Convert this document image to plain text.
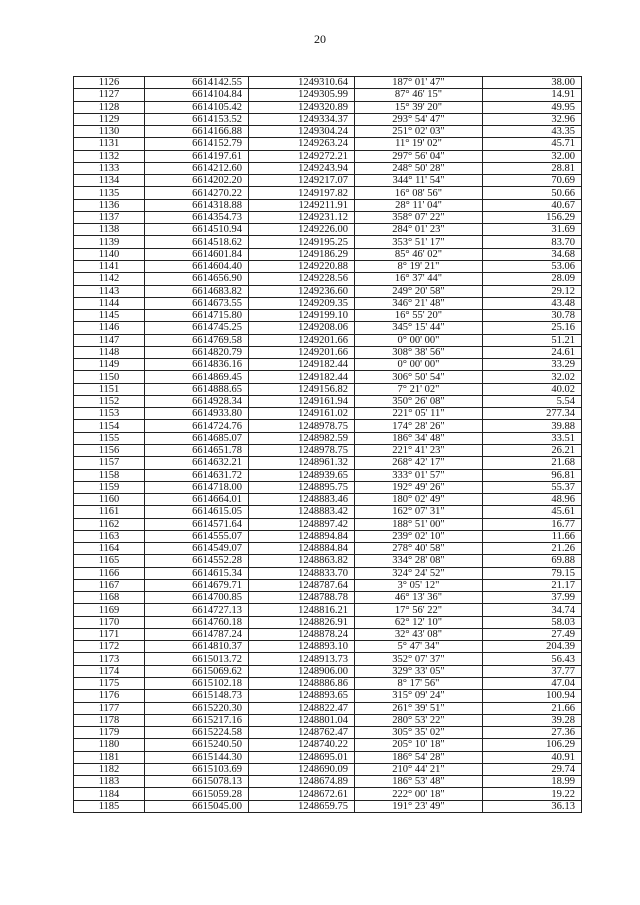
20
1126	6614142.55	1249310.64	187° 01' 47"	38.00
1127	6614104.84	1249305.99	87° 46' 15"	14.91
1128	6614105.42	1249320.89	15° 39' 20"	49.95
1129	6614153.52	1249334.37	293° 54' 47"	32.96
1130	6614166.88	1249304.24	251° 02' 03"	43.35
1131	6614152.79	1249263.24	11° 19' 02"	45.71
1132	6614197.61	1249272.21	297° 56' 04"	32.00
1133	6614212.60	1249243.94	248° 50' 28"	28.81
1134	6614202.20	1249217.07	344° 11' 54"	70.69
1135	6614270.22	1249197.82	16° 08' 56"	50.66
1136	6614318.88	1249211.91	28° 11' 04"	40.67
1137	6614354.73	1249231.12	358° 07' 22"	156.29
1138	6614510.94	1249226.00	284° 01' 23"	31.69
1139	6614518.62	1249195.25	353° 51' 17"	83.70
1140	6614601.84	1249186.29	85° 46' 02"	34.68
1141	6614604.40	1249220.88	8° 19' 21"	53.06
1142	6614656.90	1249228.56	16° 37' 44"	28.09
1143	6614683.82	1249236.60	249° 20' 58"	29.12
1144	6614673.55	1249209.35	346° 21' 48"	43.48
1145	6614715.80	1249199.10	16° 55' 20"	30.78
1146	6614745.25	1249208.06	345° 15' 44"	25.16
1147	6614769.58	1249201.66	0° 00' 00"	51.21
1148	6614820.79	1249201.66	308° 38' 56"	24.61
1149	6614836.16	1249182.44	0° 00' 00"	33.29
1150	6614869.45	1249182.44	306° 50' 54"	32.02
1151	6614888.65	1249156.82	7° 21' 02"	40.02
1152	6614928.34	1249161.94	350° 26' 08"	5.54
1153	6614933.80	1249161.02	221° 05' 11"	277.34
1154	6614724.76	1248978.75	174° 28' 26"	39.88
1155	6614685.07	1248982.59	186° 34' 48"	33.51
1156	6614651.78	1248978.75	221° 41' 23"	26.21
1157	6614632.21	1248961.32	268° 42' 17"	21.68
1158	6614631.72	1248939.65	333° 01' 57"	96.81
1159	6614718.00	1248895.75	192° 49' 26"	55.37
1160	6614664.01	1248883.46	180° 02' 49"	48.96
1161	6614615.05	1248883.42	162° 07' 31"	45.61
1162	6614571.64	1248897.42	188° 51' 00"	16.77
1163	6614555.07	1248894.84	239° 02' 10"	11.66
1164	6614549.07	1248884.84	278° 40' 58"	21.26
1165	6614552.28	1248863.82	334° 28' 08"	69.88
1166	6614615.34	1248833.70	324° 24' 52"	79.15
1167	6614679.71	1248787.64	3° 05' 12"	21.17
1168	6614700.85	1248788.78	46° 13' 36"	37.99
1169	6614727.13	1248816.21	17° 56' 22"	34.74
1170	6614760.18	1248826.91	62° 12' 10"	58.03
1171	6614787.24	1248878.24	32° 43' 08"	27.49
1172	6614810.37	1248893.10	5° 47' 34"	204.39
1173	6615013.72	1248913.73	352° 07' 37"	56.43
1174	6615069.62	1248906.00	329° 33' 05"	37.77
1175	6615102.18	1248886.86	8° 17' 56"	47.04
1176	6615148.73	1248893.65	315° 09' 24"	100.94
1177	6615220.30	1248822.47	261° 39' 51"	21.66
1178	6615217.16	1248801.04	280° 53' 22"	39.28
1179	6615224.58	1248762.47	305° 35' 02"	27.36
1180	6615240.50	1248740.22	205° 10' 18"	106.29
1181	6615144.30	1248695.01	186° 54' 28"	40.91
1182	6615103.69	1248690.09	210° 44' 21"	29.74
1183	6615078.13	1248674.89	186° 53' 48"	18.99
1184	6615059.28	1248672.61	222° 00' 18"	19.22
1185	6615045.00	1248659.75	191° 23' 49"	36.13
